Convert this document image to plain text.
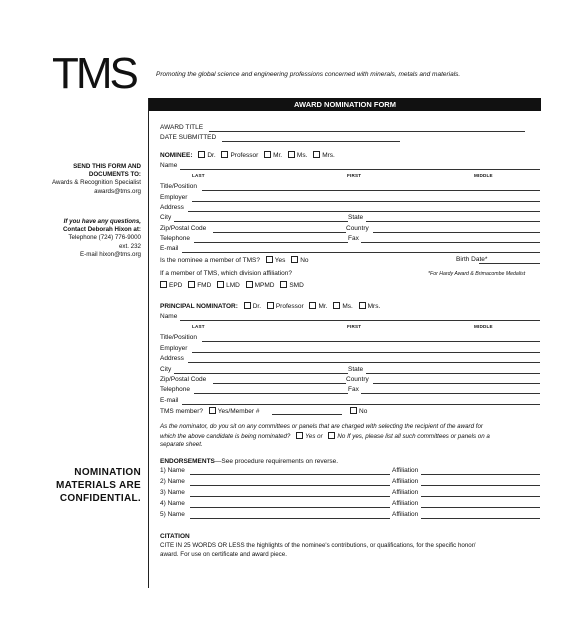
TMS	Promoting the global science and engineering professions concerned with minerals, metals and materials.
AWARD NOMINATION FORM
SEND THIS FORM AND
DOCUMENTS TO:
Awards & Recognition Specialist
awards@tms.org
If you have any questions,
Contact Deborah Hixon at:
Telephone (724) 776-9000
ext. 232
E-mail hixon@tms.org
NOMINATION
MATERIALS ARE
CONFIDENTIAL.
AWARD TITLE
DATE SUBMITTED
NOMINEE: Dr. Professor Mr. Ms. Mrs.
Name
LAST	FIRST	MIDDLE
Title/Position
Employer
Address
City	State
Zip/Postal Code	Country
Telephone	Fax
E-mail
Is the nominee a member of TMS? Yes No	Birth Date*
If a member of TMS, which division affiliation?	*For Hardy Award & Brimacombe Medalist
EPD FMD LMD MPMD SMD
PRINCIPAL NOMINATOR: Dr. Professor Mr. Ms. Mrs.
Name
LAST	FIRST	MIDDLE
Title/Position
Employer
Address
City	State
Zip/Postal Code	Country
Telephone	Fax
E-mail
TMS member? Yes/Member #	No
As the nominator, do you sit on any committees or panels that are charged with selecting the recipient of the award for
which the above candidate is being nominated? Yes or No If yes, please list all such committees or panels on a
separate sheet.
ENDORSEMENTS—See procedure requirements on reverse.
1) Name	Affiliation
2) Name	Affiliation
3) Name	Affiliation
4) Name	Affiliation
5) Name	Affiliation
CITATION
CITE IN 25 WORDS OR LESS the highlights of the nominee's contributions, or qualifications, for the specific honor/
award. For use on certificate and award piece.
